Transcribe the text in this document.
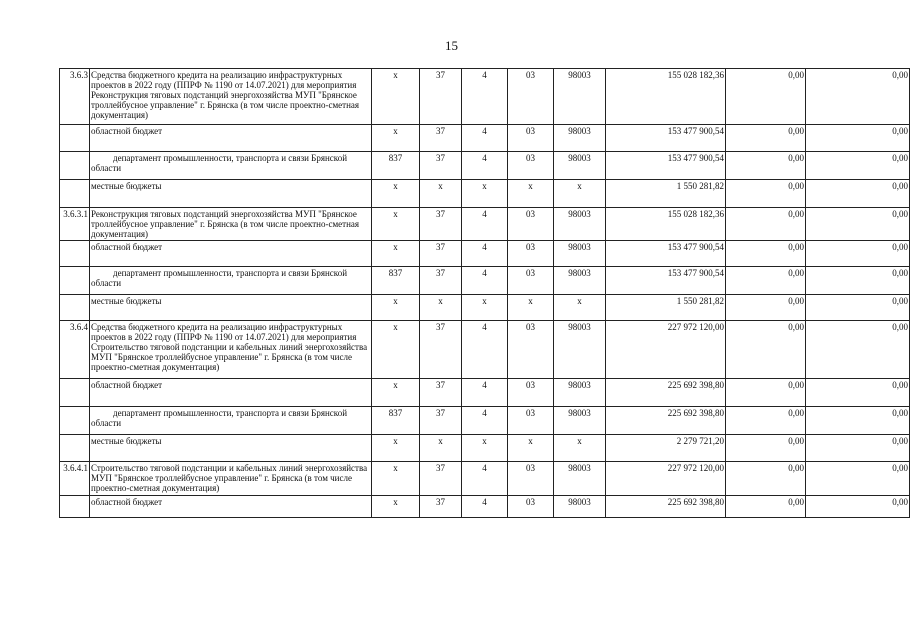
15
3.6.3	Средства бюджетного кредита на реализацию инфраструктурных проектов в 2022 году (ППРФ № 1190 от 14.07.2021) для мероприятия Реконструкция тяговых подстанций энергохозяйства МУП "Брянское троллейбусное управление" г. Брянска (в том числе проектно-сметная документация)	x	37	4	03	98003	155 028 182,36	0,00	0,00
	областной бюджет	x	37	4	03	98003	153 477 900,54	0,00	0,00
	департамент промышленности, транспорта и связи Брянской области	837	37	4	03	98003	153 477 900,54	0,00	0,00
	местные бюджеты	x	x	x	x	x	1 550 281,82	0,00	0,00
3.6.3.1	Реконструкция тяговых подстанций энергохозяйства МУП "Брянское троллейбусное управление" г. Брянска (в том числе проектно-сметная документация)	x	37	4	03	98003	155 028 182,36	0,00	0,00
	областной бюджет	x	37	4	03	98003	153 477 900,54	0,00	0,00
	департамент промышленности, транспорта и связи Брянской области	837	37	4	03	98003	153 477 900,54	0,00	0,00
	местные бюджеты	x	x	x	x	x	1 550 281,82	0,00	0,00
3.6.4	Средства бюджетного кредита на реализацию инфраструктурных проектов в 2022 году (ППРФ № 1190 от 14.07.2021) для мероприятия Строительство тяговой подстанции и кабельных линий энергохозяйства МУП "Брянское троллейбусное управление" г. Брянска (в том числе проектно-сметная документация)	x	37	4	03	98003	227 972 120,00	0,00	0,00
	областной бюджет	x	37	4	03	98003	225 692 398,80	0,00	0,00
	департамент промышленности, транспорта и связи Брянской области	837	37	4	03	98003	225 692 398,80	0,00	0,00
	местные бюджеты	x	x	x	x	x	2 279 721,20	0,00	0,00
3.6.4.1	Строительство тяговой подстанции и кабельных линий энергохозяйства МУП "Брянское троллейбусное управление" г. Брянска (в том числе проектно-сметная документация)	x	37	4	03	98003	227 972 120,00	0,00	0,00
	областной бюджет	x	37	4	03	98003	225 692 398,80	0,00	0,00
